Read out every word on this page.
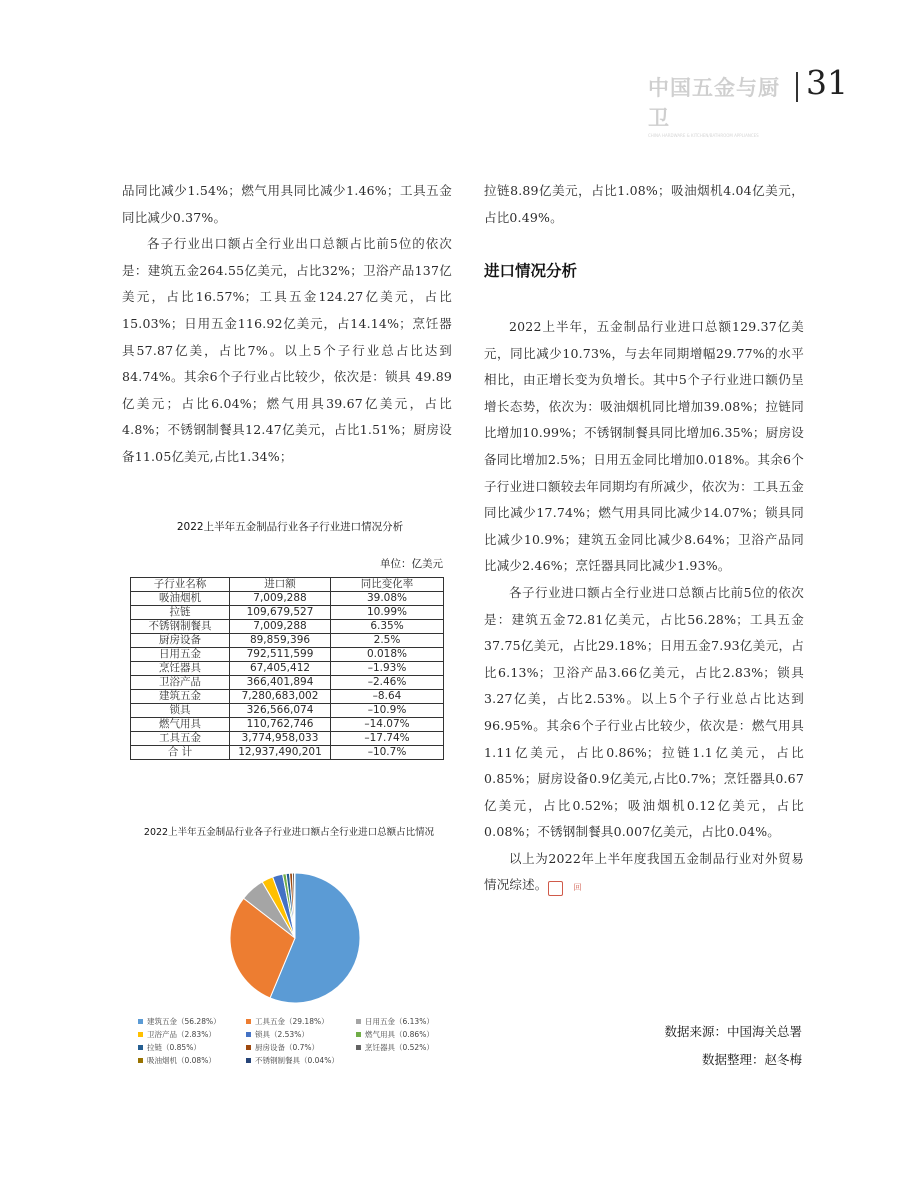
中国五金与厨卫
CHINA HARDWARE & KITCHEN/BATHROOM APPLIANCES
31

品同比减少1.54%；燃气用具同比减少1.46%；工具五金同比减少0.37%。

各子行业出口额占全行业出口总额占比前5位的依次是：建筑五金264.55亿美元，占比32%；卫浴产品137亿美元，占比16.57%；工具五金124.27亿美元，占比15.03%；日用五金116.92亿美元，占14.14%；烹饪器具57.87亿美，占比7%。以上5个子行业总占比达到84.74%。其余6个子行业占比较少，依次是：锁具 49.89亿美元；占比6.04%；燃气用具39.67亿美元，占比4.8%；不锈钢制餐具12.47亿美元，占比1.51%；厨房设备11.05亿美元,占比1.34%；

拉链8.89亿美元，占比1.08%；吸油烟机4.04亿美元，占比0.49%。

进口情况分析

2022上半年，五金制品行业进口总额129.37亿美元，同比减少10.73%，与去年同期增幅29.77%的水平相比，由正增长变为负增长。其中5个子行业进口额仍呈增长态势，依次为：吸油烟机同比增加39.08%；拉链同比增加10.99%；不锈钢制餐具同比增加6.35%；厨房设备同比增加2.5%；日用五金同比增加0.018%。其余6个子行业进口额较去年同期均有所减少，依次为：工具五金同比减少17.74%；燃气用具同比减少14.07%；锁具同比减少10.9%；建筑五金同比减少8.64%；卫浴产品同比减少2.46%；烹饪器具同比减少1.93%。

各子行业进口额占全行业进口总额占比前5位的依次是：建筑五金72.81亿美元，占比56.28%；工具五金37.75亿美元，占比29.18%；日用五金7.93亿美元，占比6.13%；卫浴产品3.66亿美元，占比2.83%；锁具3.27亿美，占比2.53%。以上5个子行业总占比达到96.95%。其余6个子行业占比较少，依次是：燃气用具1.11亿美元，占比0.86%；拉链1.1亿美元，占比0.85%；厨房设备0.9亿美元,占比0.7%；烹饪器具0.67亿美元，占比0.52%；吸油烟机0.12亿美元，占比0.08%；不锈钢制餐具0.007亿美元，占比0.04%。

以上为2022年上半年度我国五金制品行业对外贸易情况综述。	回

2022上半年五金制品行业各子行业进口情况分析
单位：亿美元
子行业名称	进口额	同比变化率
吸油烟机	7,009,288	39.08%
拉链	109,679,527	10.99%
不锈钢制餐具	7,009,288	6.35%
厨房设备	89,859,396	2.5%
日用五金	792,511,599	0.018%
烹饪器具	67,405,412	–1.93%
卫浴产品	366,401,894	–2.46%
建筑五金	7,280,683,002	–8.64
锁具	326,566,074	–10.9%
燃气用具	110,762,746	–14.07%
工具五金	3,774,958,033	–17.74%
合 计	12,937,490,201	–10.7%
2022上半年五金制品行业各子行业进口额占全行业进口总额占比情况
建筑五金（56.28%）	工具五金（29.18%）	日用五金（6.13%）
卫浴产品（2.83%）	锁具（2.53%）	燃气用具（0.86%）
拉链（0.85%）	厨房设备（0.7%）	烹饪器具（0.52%）
吸油烟机（0.08%）	不锈钢制餐具（0.04%）
数据来源：中国海关总署
数据整理：赵冬梅
